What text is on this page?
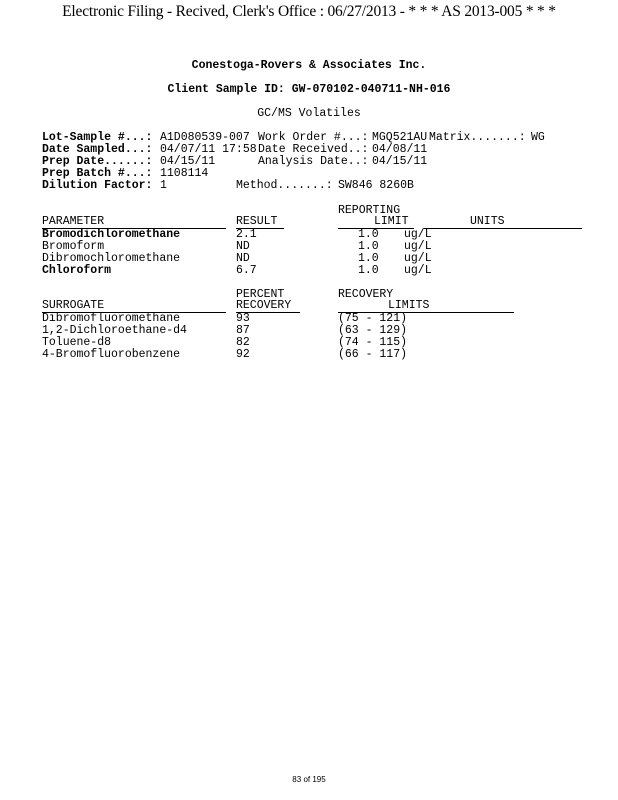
Electronic Filing - Recived, Clerk's Office : 06/27/2013 - * * * AS 2013-005 * * *
Conestoga-Rovers & Associates Inc.
Client Sample ID: GW-070102-040711-NH-016
GC/MS Volatiles
Lot-Sample #...: A1D080539-007 Work Order #...: MGQ521AU Matrix.......: WG
Date Sampled...: 04/07/11 17:58 Date Received..: 04/08/11
Prep Date......: 04/15/11	Analysis Date..: 04/15/11
Prep Batch #...: 1108114
Dilution Factor: 1	Method.......: SW846 8260B
REPORTING
PARAMETER	RESULT	LIMIT	UNITS
Bromodichloromethane	2.1	1.0 ug/L
Bromoform	ND	1.0 ug/L
Dibromochloromethane	ND	1.0 ug/L
Chloroform	6.7	1.0 ug/L
PERCENT	RECOVERY
SURROGATE	RECOVERY	LIMITS
Dibromofluoromethane	93	(75 - 121)
1,2-Dichloroethane-d4	87	(63 - 129)
Toluene-d8	82	(74 - 115)
4-Bromofluorobenzene	92	(66 - 117)
83 of 195
